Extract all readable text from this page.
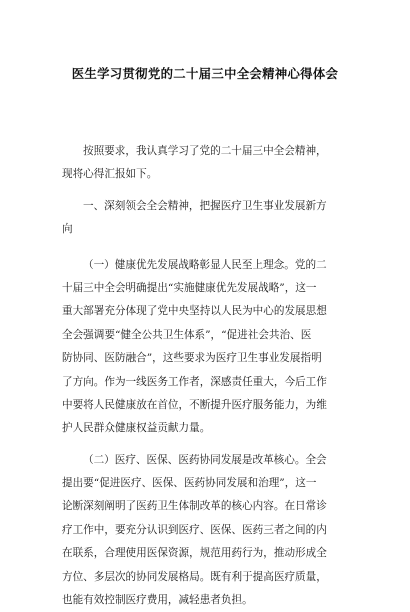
医生学习贯彻党的二十届三中全会精神心得体会
按照要求，我认真学习了党的二十届三中全会精神，
现将心得汇报如下。
一、深刻领会全会精神，把握医疗卫生事业发展新方
向
（一）健康优先发展战略彰显人民至上理念。党的二
十届三中全会明确提出“实施健康优先发展战略”，这一
重大部署充分体现了党中央坚持以人民为中心的发展思想
全会强调要“健全公共卫生体系”，“促进社会共治、医
防协同、医防融合”，这些要求为医疗卫生事业发展指明
了方向。作为一线医务工作者，深感责任重大，今后工作
中要将人民健康放在首位，不断提升医疗服务能力，为维
护人民群众健康权益贡献力量。
（二）医疗、医保、医药协同发展是改革核心。全会
提出要“促进医疗、医保、医药协同发展和治理”，这一
论断深刻阐明了医药卫生体制改革的核心内容。在日常诊
疗工作中，要充分认识到医疗、医保、医药三者之间的内
在联系，合理使用医保资源，规范用药行为，推动形成全
方位、多层次的协同发展格局。既有利于提高医疗质量，
也能有效控制医疗费用，减轻患者负担。
